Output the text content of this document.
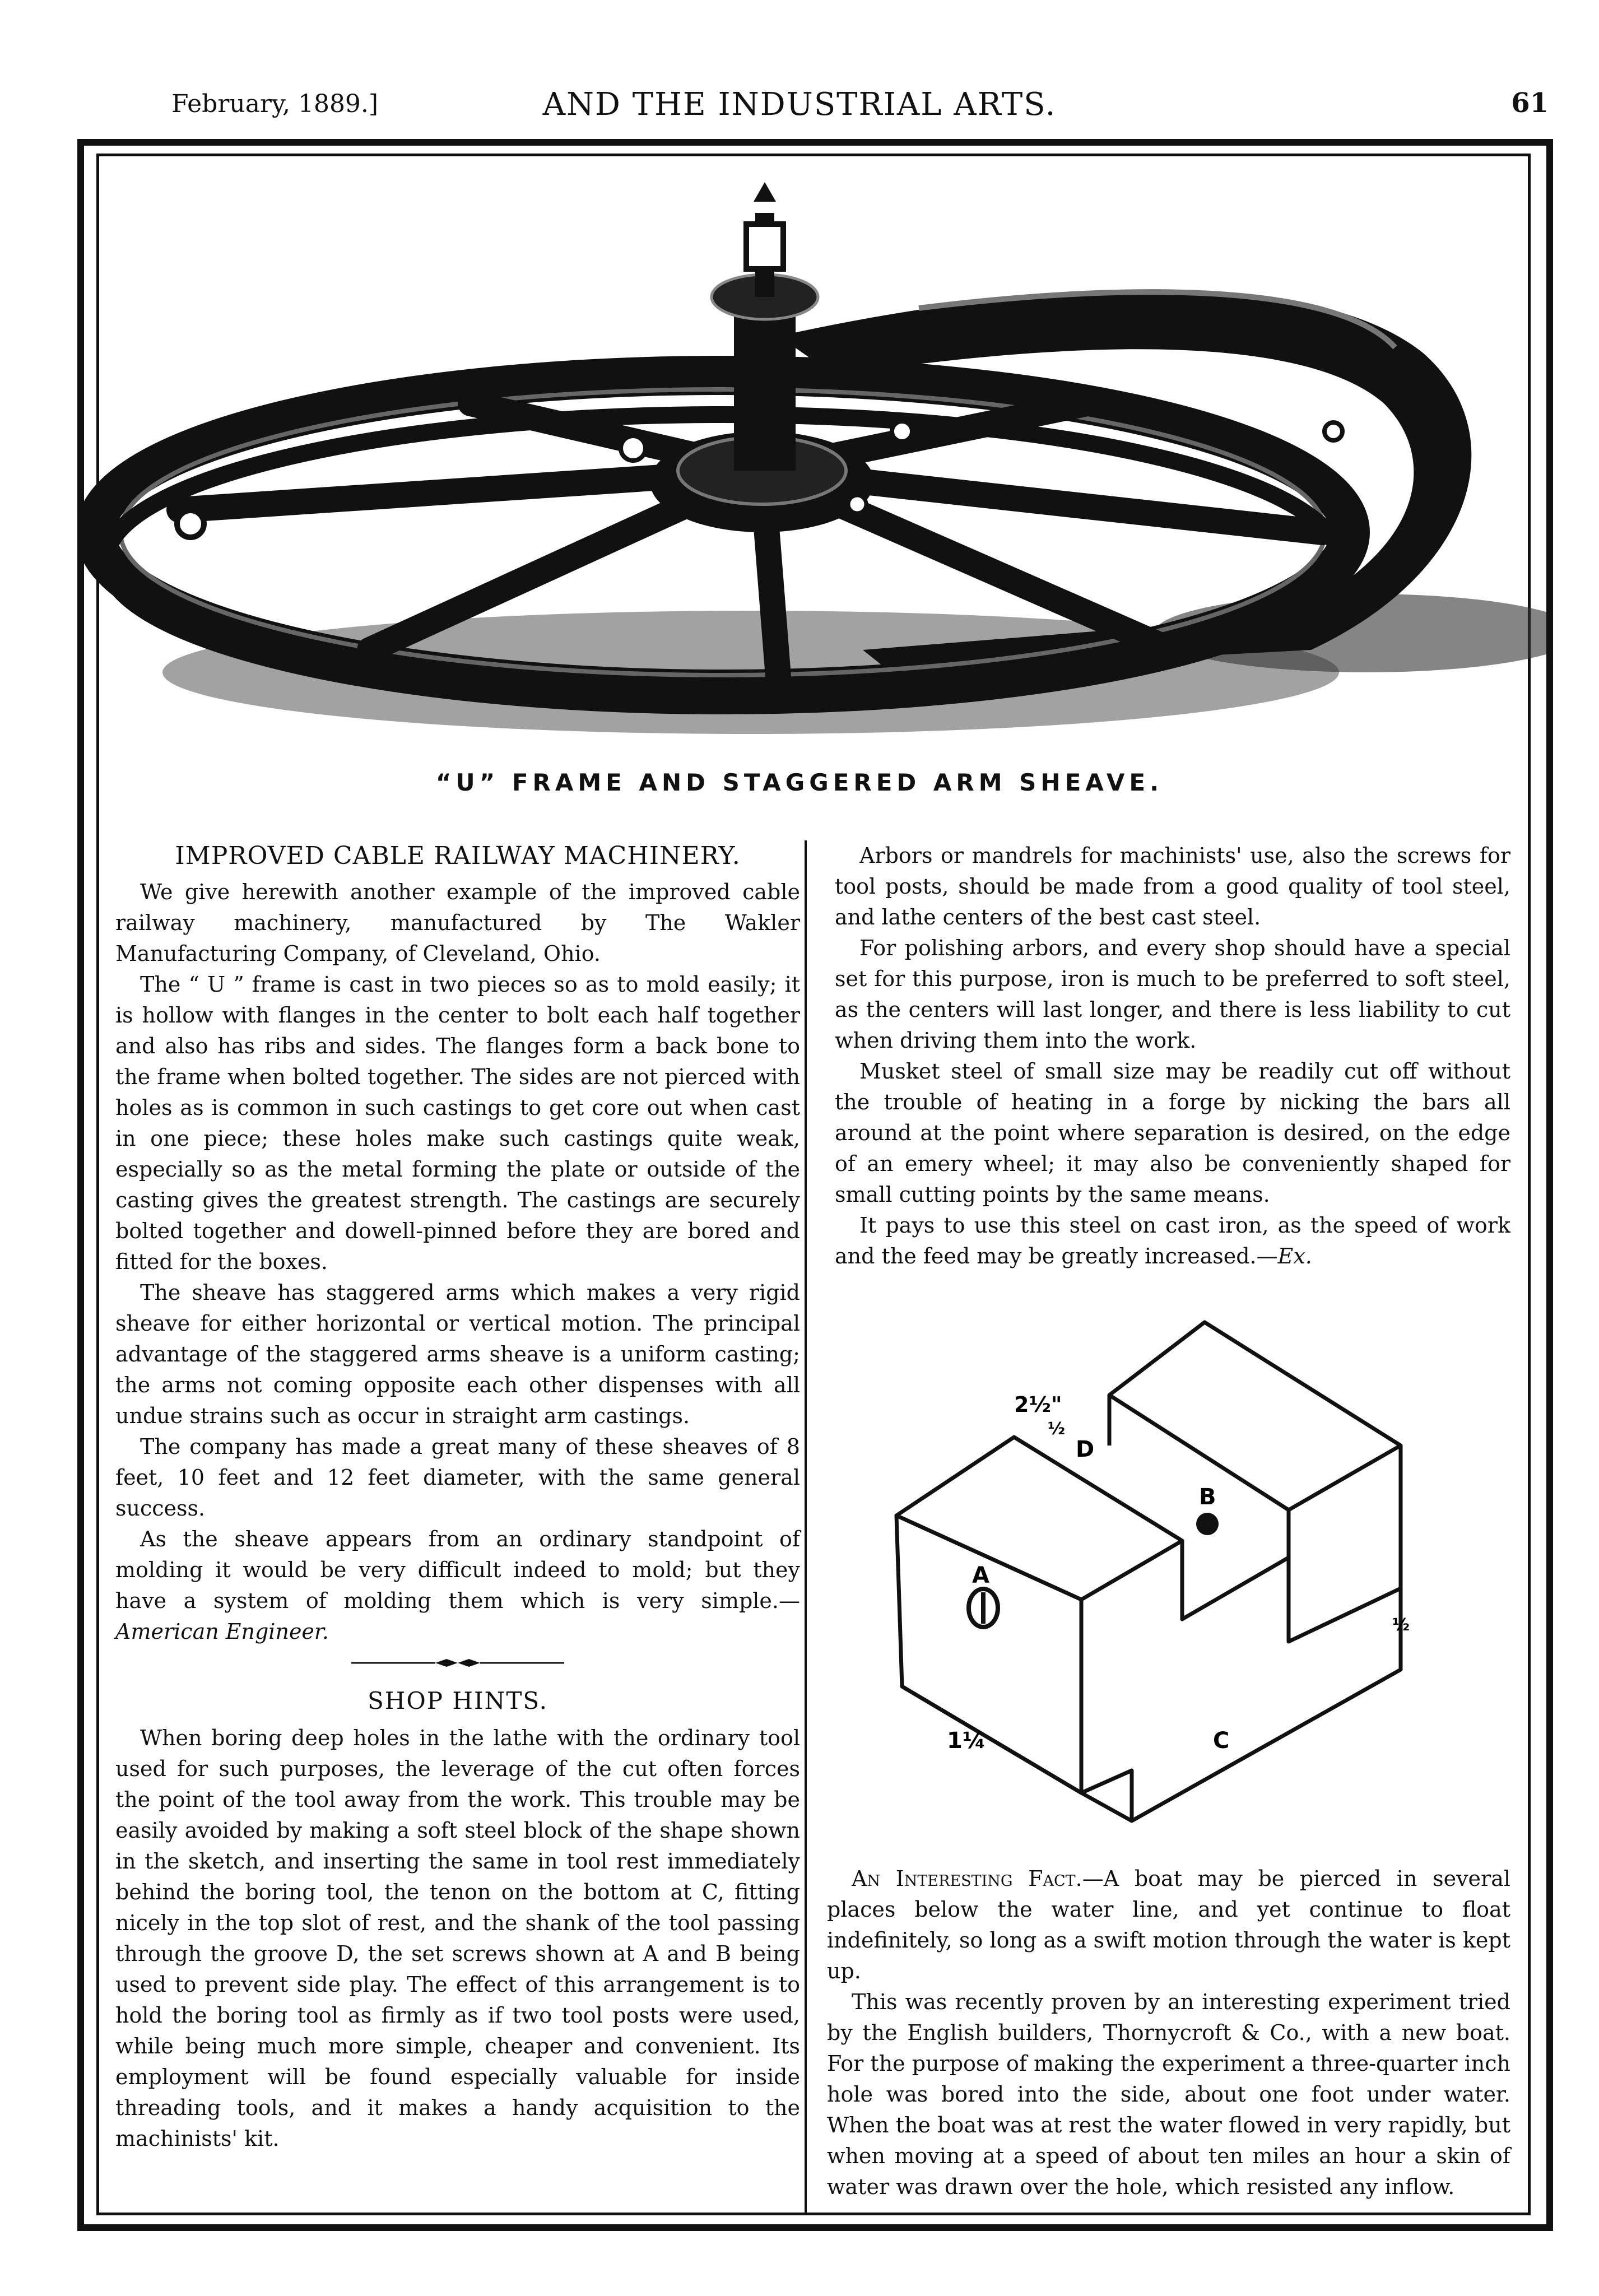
February, 1889.]	AND THE INDUSTRIAL ARTS.	61
“U” FRAME AND STAGGERED ARM SHEAVE.
IMPROVED CABLE RAILWAY MACHINERY.

We give herewith another example of the improved cable railway machinery, manufactured by The Wakler Manufacturing Company, of Cleveland, Ohio.

The “ U ” frame is cast in two pieces so as to mold easily; it is hollow with flanges in the center to bolt each half together and also has ribs and sides. The flanges form a back bone to the frame when bolted together. The sides are not pierced with holes as is common in such castings to get core out when cast in one piece; these holes make such castings quite weak, especially so as the metal forming the plate or outside of the casting gives the greatest strength. The castings are securely bolted together and dowell-pinned before they are bored and fitted for the boxes.

The sheave has staggered arms which makes a very rigid sheave for either horizontal or vertical motion. The principal advantage of the staggered arms sheave is a uniform casting; the arms not coming opposite each other dispenses with all undue strains such as occur in straight arm castings.

The company has made a great many of these sheaves of 8 feet, 10 feet and 12 feet diameter, with the same general success.

As the sheave appears from an ordinary standpoint of molding it would be very difficult indeed to mold; but they have a system of molding them which is very simple.—American Engineer.

SHOP HINTS.

When boring deep holes in the lathe with the ordinary tool used for such purposes, the leverage of the cut often forces the point of the tool away from the work. This trouble may be easily avoided by making a soft steel block of the shape shown in the sketch, and inserting the same in tool rest immediately behind the boring tool, the tenon on the bottom at C, fitting nicely in the top slot of rest, and the shank of the tool passing through the groove D, the set screws shown at A and B being used to prevent side play. The effect of this arrangement is to hold the boring tool as firmly as if two tool posts were used, while being much more simple, cheaper and convenient. Its employment will be found especially valuable for inside threading tools, and it makes a handy acquisition to the machinists' kit.

Arbors or mandrels for machinists' use, also the screws for tool posts, should be made from a good quality of tool steel, and lathe centers of the best cast steel.

For polishing arbors, and every shop should have a special set for this purpose, iron is much to be preferred to soft steel, as the centers will last longer, and there is less liability to cut when driving them into the work.

Musket steel of small size may be readily cut off without the trouble of heating in a forge by nicking the bars all around at the point where separation is desired, on the edge of an emery wheel; it may also be conveniently shaped for small cutting points by the same means.

It pays to use this steel on cast iron, as the speed of work and the feed may be greatly increased.—Ex.

A
B
C
D
2½"
½
1¼
½

An Interesting Fact.—A boat may be pierced in several places below the water line, and yet continue to float indefinitely, so long as a swift motion through the water is kept up.

This was recently proven by an interesting experiment tried by the English builders, Thornycroft & Co., with a new boat. For the purpose of making the experiment a three-quarter inch hole was bored into the side, about one foot under water. When the boat was at rest the water flowed in very rapidly, but when moving at a speed of about ten miles an hour a skin of water was drawn over the hole, which resisted any inflow.
